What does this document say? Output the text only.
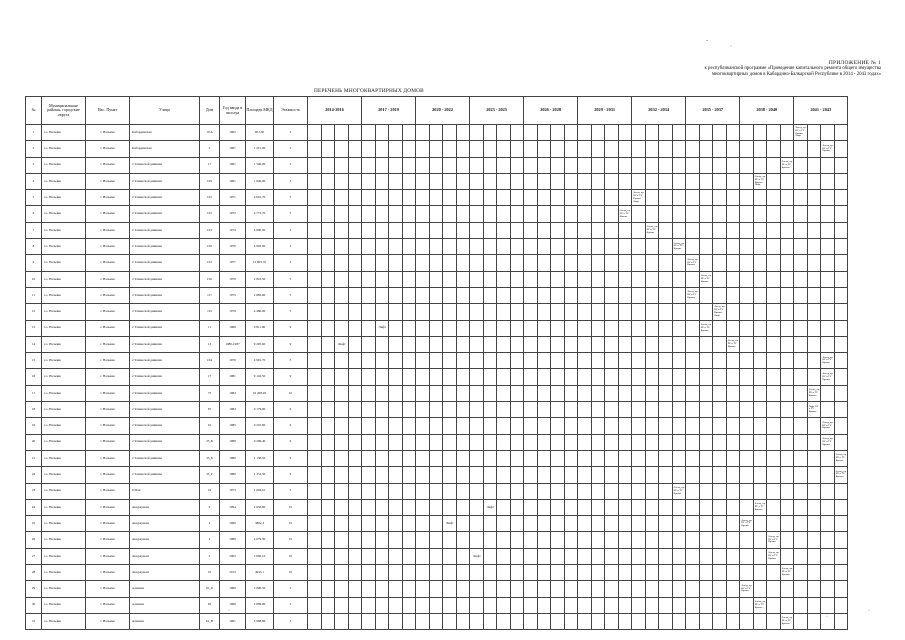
-
·
·	·	·	·
·
ПРИЛОЖЕНИЕ № 1
к республиканской программе «Проведение капитального ремонта общего имущества
многоквартирных домов в Кабардино-Балкарской Республике в 2014 - 2043 годах»
ПЕРЕЧЕНЬ МНОГОКВАРТИРНЫХ ДОМОВ
№	Муниципальные районы, городские округа	Нас. Пункт	Улица	Дом	Год ввода в эксплуа	Площадь МКД	Этажность	2014-2016				2017 - 2019				2020 - 2022				2023 - 2025				2026 - 2028				2029 - 2031				2032 - 2034				2035 - 2037				2038 - 2040				2041 - 2043			
1	г.о. Нальчик	г. Нальчик	Кабардинская	19 А	1965	851,30	2																																					Фасад, кр. ВУ и ТУ Крыша Лифт			
2	г.о. Нальчик	г. Нальчик	Кабардинская	3	1967	1 215,00	3																																							Фасад, кр. ВУ и ТУ Крыша	
3	г.о. Нальчик	г. Нальчик	2 Таманской дивизии	17	1961	1 546,00	3																																				Фасад, кр. ВУ и ТУ Крыша				
4	г.о. Нальчик	г. Нальчик	2 Таманской дивизии	109	1961	1 646,00	3																																		Фасад, кр. ВУ и ТУ Крыша Лифт						
5	г.о. Нальчик	г. Нальчик	2 Таманской дивизии	105	1971	4 610,70	5																									Фасад, кр. ВУ и ТУ Крыша Лифт															
6	г.о. Нальчик	г. Нальчик	2 Таманской дивизии	105	1972	4 773,70	5																								Фасад, кр. ВУ и ТУ Крыша																
7	г.о. Нальчик	г. Нальчик	2 Таманской дивизии	103	1974	4 690,00	5																										Фасад, кр. ВУ и ТУ Крыша														
8	г.о. Нальчик	г. Нальчик	2 Таманской дивизии	100	1976	4 993,90	5																												Фасад, кр. ВУ и ТУ Крыша												
9	г.о. Нальчик	г. Нальчик	2 Таманской дивизии	102	1977	12 905,70	5																													Фасад, кр. ВУ и ТУ Крыша											
10	г.о. Нальчик	г. Нальчик	2 Таманской дивизии	150	1970	2 810,50	5																														Фасад, кр. ВУ и ТУ Крыша										
11	г.о. Нальчик	г. Нальчик	2 Таманской дивизии	117	1975	2 685,60	5																													Фасад, кр. ВУ и ТУ Крыша											
12	г.о. Нальчик	г. Нальчик	2 Таманской дивизии	119	1979	4 480,00	5																															Фасад, кр. ВУ и ТУ Крыша Лифт									
13	г.о. Нальчик	г. Нальчик	2 Таманской дивизии	11	1980	9 811,90	9						Лифт																								Фасад, кр. ВУ и ТУ Крыша										
14	г.о. Нальчик	г. Нальчик	2 Таманской дивизии	13	1980-1987	9 295,60	9			Лифт																													Фасад, кр. ВУ и ТУ Крыша								
15	г.о. Нальчик	г. Нальчик	2 Таманской дивизии	104	1979	4 901,70	5																																							Фасад, кр. ВУ и ТУ Крыша	
16	г.о. Нальчик	г. Нальчик	2 Таманской дивизии	17	1981	9 142,50	9																																							Фасад, кр. ВУ и ТУ Крыша	
17	г.о. Нальчик	г. Нальчик	2 Таманской дивизии	75	1984	19 208,20	10																																						Фасад, кр. ВУ и ТУ Крыша		
18	г.о. Нальчик	г. Нальчик	2 Таманской дивизии	67	1984	9 179,00	9																																						Лифт ВУ и ТУ Крыша		
19	г.о. Нальчик	г. Нальчик	2 Таманской дивизии	61	1985	9 210,60	9																																							Фасад, кр. ВУ и ТУ Крыша	
20	г.о. Нальчик	г. Нальчик	2 Таманской дивизии	35_Б	1980	9 296,40	9																																							Фасад, кр. ВУ и ТУ Крыша	
21	г.о. Нальчик	г. Нальчик	2 Таманской дивизии	35_Б	1980	1 130,50	9																																								Фасад, кр. ВУ и ТУ Крыша
22	г.о. Нальчик	г. Нальчик	2 Таманской дивизии	35_Г	1980	1 331,50	9																																								Фасад, кр. ВУ и ТУ Крыша
23	г.о. Нальчик	г. Нальчик	8 Мая	16	1973	1 094,61	5																												Фасад, кр. ВУ и ТУ Крыша												
24	г.о. Нальчик	г. Нальчик	Акаджукова	9	1994	2 650,90	10														Лифт																				Фасад, кр. ВУ и ТУ Крыша						
25	г.о. Нальчик	г. Нальчик	Акаджукова	4	1990	3802,3	10											Лифт																						Фасад, кр. ВУ и ТУ Крыша							
26	г.о. Нальчик	г. Нальчик	Акаджукова	4	1986	4 079,30	10																																			Фасад, кр. ВУ и ТУ Крыша					
27	г.о. Нальчик	г. Нальчик	Акаджукова	2	2002	5 060,10	10													Лифт																						Фасад, кр. ВУ и ТУ Крыша					
28	г.о. Нальчик	г. Нальчик	Акаджукова	10	2013	4045,1	10																																				Фасад, кр. ВУ и ТУ Крыша				
29	г.о. Нальчик	г. Нальчик	Альпика	61_Б	1980	5 000,50	3																																	Фасад, кр. ВУ и ТУ Крыша							
30	г.о. Нальчик	г. Нальчик	Альпика	62	1990	2 099,00	3																																		Фасад, кр. ВУ и ТУ Крыша						
31	г.о. Нальчик	г. Нальчик	Альпика	61_В	1991	5 968,86	3																																				Фасад, кр. ВУ и ТУ Крыша				
